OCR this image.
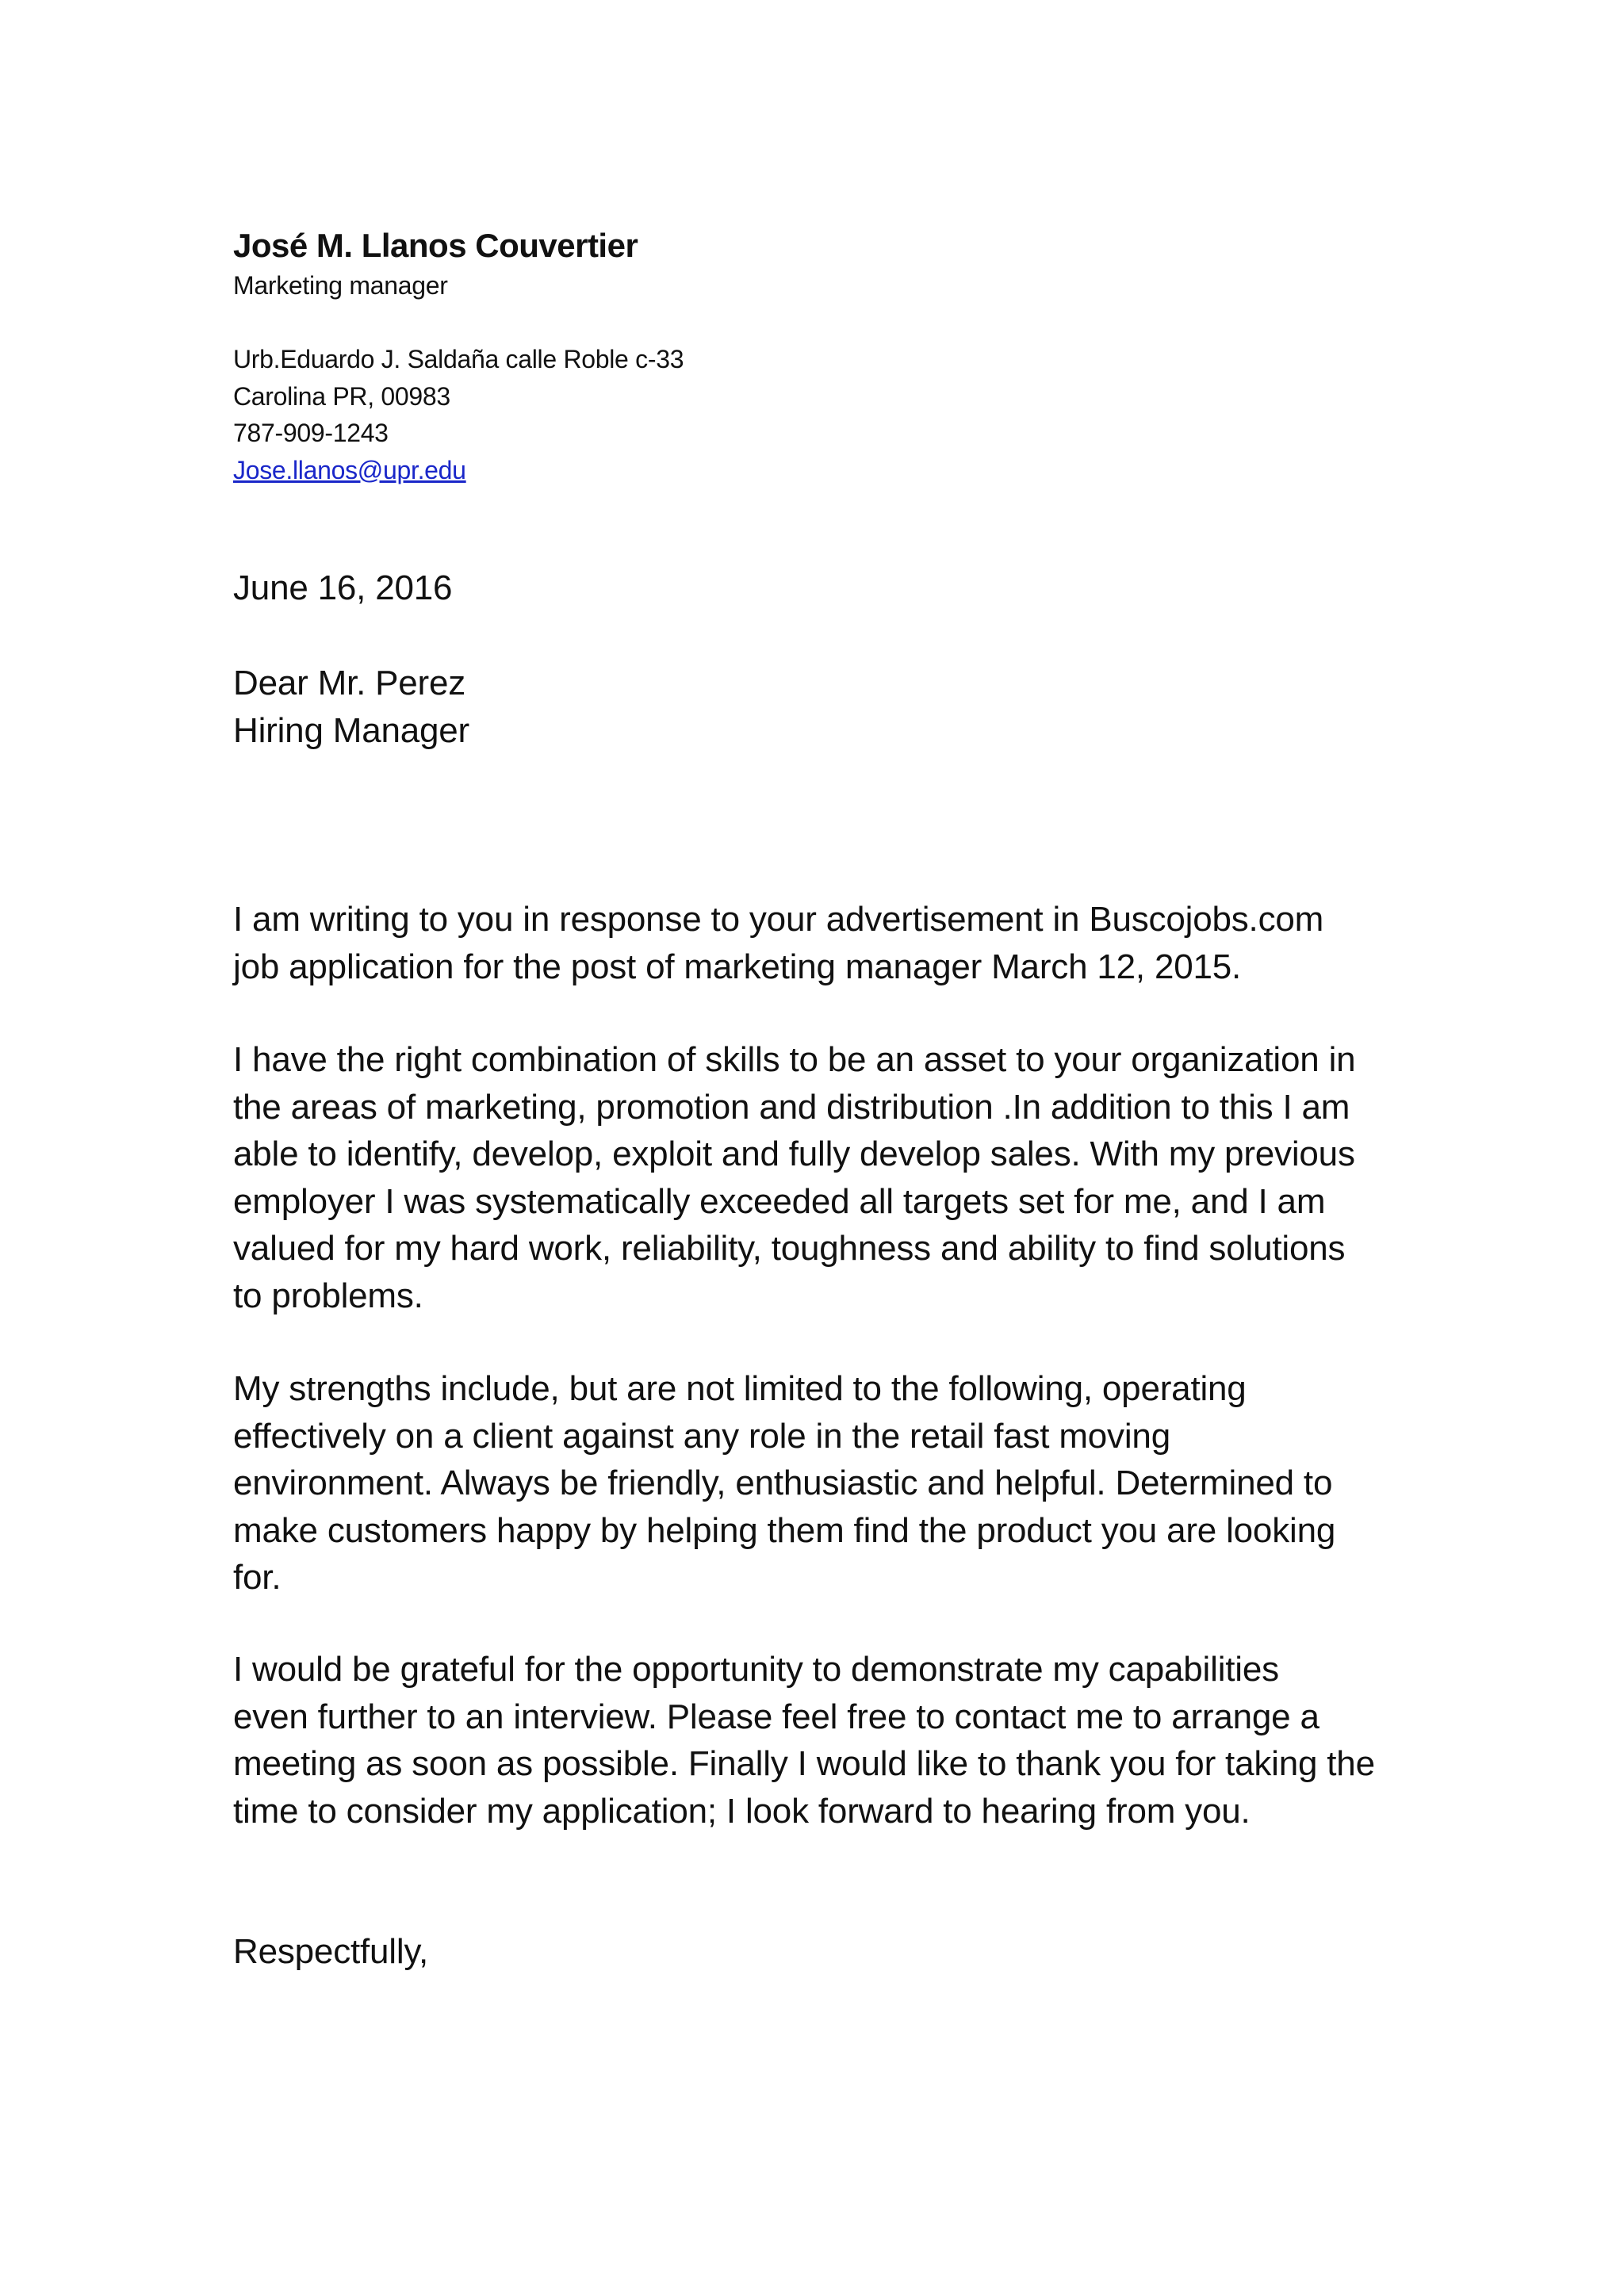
José M. Llanos Couvertier
Marketing manager
Urb.Eduardo J. Saldaña calle Roble c-33
Carolina PR, 00983
787-909-1243
Jose.llanos@upr.edu
June 16, 2016
Dear Mr. Perez
Hiring Manager
I am writing to you in response to your advertisement in Buscojobs.com
job application for the post of marketing manager March 12, 2015.
I have the right combination of skills to be an asset to your organization in
the areas of marketing, promotion and distribution .In addition to this I am
able to identify, develop, exploit and fully develop sales. With my previous
employer I was systematically exceeded all targets set for me, and I am
valued for my hard work, reliability, toughness and ability to find solutions
to problems.
My strengths include, but are not limited to the following, operating
effectively on a client against any role in the retail fast moving
environment. Always be friendly, enthusiastic and helpful. Determined to
make customers happy by helping them find the product you are looking
for.
I would be grateful for the opportunity to demonstrate my capabilities
even further to an interview. Please feel free to contact me to arrange a
meeting as soon as possible. Finally I would like to thank you for taking the
time to consider my application; I look forward to hearing from you.
Respectfully,
